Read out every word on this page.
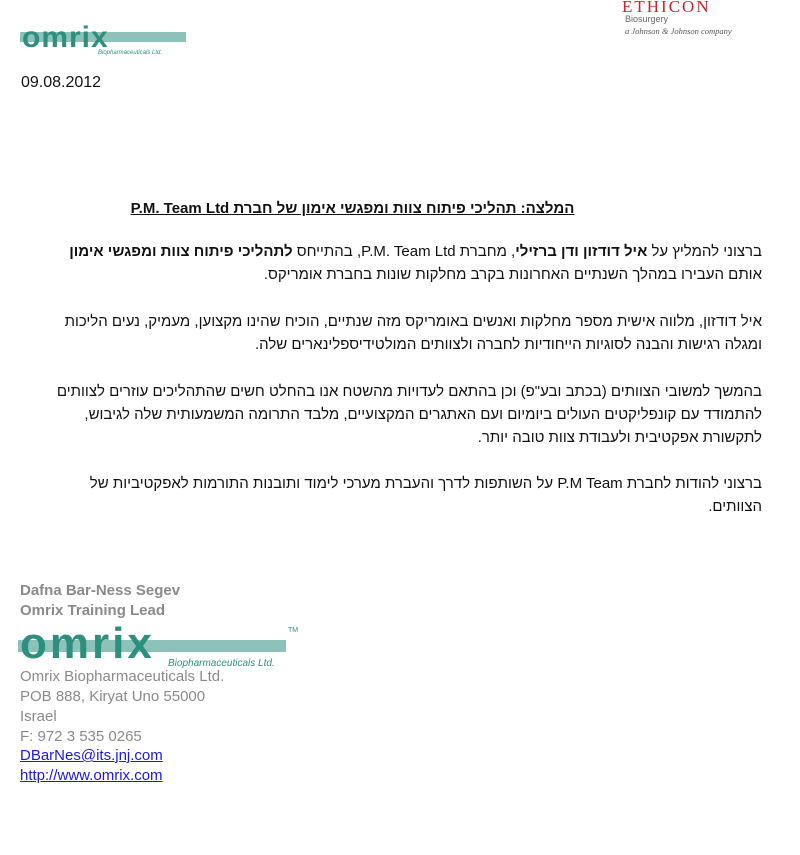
omrix
Biopharmaceuticals Ltd.
ETHICON
Biosurgery
a Johnson & Johnson company
09.08.2012
המלצה: תהליכי פיתוח צוות ומפגשי אימון של חברת P.M. Team Ltd
ברצוני להמליץ על איל דודזון ודן ברזילי, מחברת P.M. Team Ltd, בהתייחס לתהליכי פיתוח צוות ומפגשי אימון אותם העבירו במהלך השנתיים האחרונות בקרב מחלקות שונות בחברת אומריקס.
איל דודזון, מלווה אישית מספר מחלקות ואנשים באומריקס מזה שנתיים, הוכיח שהינו מקצוען, מעמיק, נעים הליכות ומגלה רגישות והבנה לסוגיות הייחודיות לחברה ולצוותים המולטידיספלינארים שלה.
בהמשך למשובי הצוותים (בכתב ובע"פ) וכן בהתאם לעדויות מהשטח אנו בהחלט חשים שהתהליכים עוזרים לצוותים להתמודד עם קונפליקטים העולים ביומיום ועם האתגרים המקצועיים, מלבד התרומה המשמעותית שלה לגיבוש, לתקשורת אפקטיבית ולעבודת צוות טובה יותר.
ברצוני להודות לחברת P.M Team על השותפות לדרך והעברת מערכי לימוד ותובנות התורמות לאפקטיביות של הצוותים.
Dafna Bar-Ness Segev
Omrix Training Lead
omrix	TM
Biopharmaceuticals Ltd.
Omrix Biopharmaceuticals Ltd.
POB 888, Kiryat Uno 55000
Israel
F: 972 3 535 0265
DBarNes@its.jnj.com
http://www.omrix.com
